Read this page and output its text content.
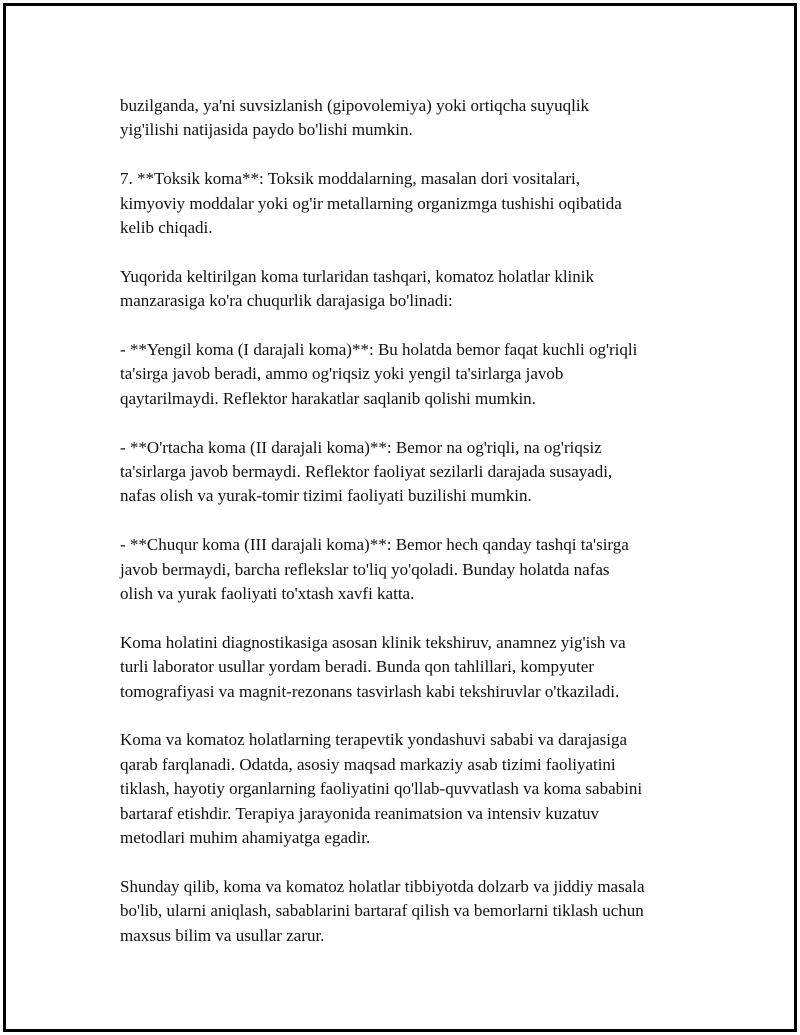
buzilganda, ya'ni suvsizlanish (gipovolemiya) yoki ortiqcha suyuqlik
yig'ilishi natijasida paydo bo'lishi mumkin.

7. **Toksik koma**: Toksik moddalarning, masalan dori vositalari,
kimyoviy moddalar yoki og'ir metallarning organizmga tushishi oqibatida
kelib chiqadi.

Yuqorida keltirilgan koma turlaridan tashqari, komatoz holatlar klinik
manzarasiga ko'ra chuqurlik darajasiga bo'linadi:

- **Yengil koma (I darajali koma)**: Bu holatda bemor faqat kuchli og'riqli
ta'sirga javob beradi, ammo og'riqsiz yoki yengil ta'sirlarga javob
qaytarilmaydi. Reflektor harakatlar saqlanib qolishi mumkin.

- **O'rtacha koma (II darajali koma)**: Bemor na og'riqli, na og'riqsiz
ta'sirlarga javob bermaydi. Reflektor faoliyat sezilarli darajada susayadi,
nafas olish va yurak-tomir tizimi faoliyati buzilishi mumkin.

- **Chuqur koma (III darajali koma)**: Bemor hech qanday tashqi ta'sirga
javob bermaydi, barcha reflekslar to'liq yo'qoladi. Bunday holatda nafas
olish va yurak faoliyati to'xtash xavfi katta.

Koma holatini diagnostikasiga asosan klinik tekshiruv, anamnez yig'ish va
turli laborator usullar yordam beradi. Bunda qon tahlillari, kompyuter
tomografiyasi va magnit-rezonans tasvirlash kabi tekshiruvlar o'tkaziladi.

Koma va komatoz holatlarning terapevtik yondashuvi sababi va darajasiga
qarab farqlanadi. Odatda, asosiy maqsad markaziy asab tizimi faoliyatini
tiklash, hayotiy organlarning faoliyatini qo'llab-quvvatlash va koma sababini
bartaraf etishdir. Terapiya jarayonida reanimatsion va intensiv kuzatuv
metodlari muhim ahamiyatga egadir.

Shunday qilib, koma va komatoz holatlar tibbiyotda dolzarb va jiddiy masala
bo'lib, ularni aniqlash, sabablarini bartaraf qilish va bemorlarni tiklash uchun
maxsus bilim va usullar zarur.
